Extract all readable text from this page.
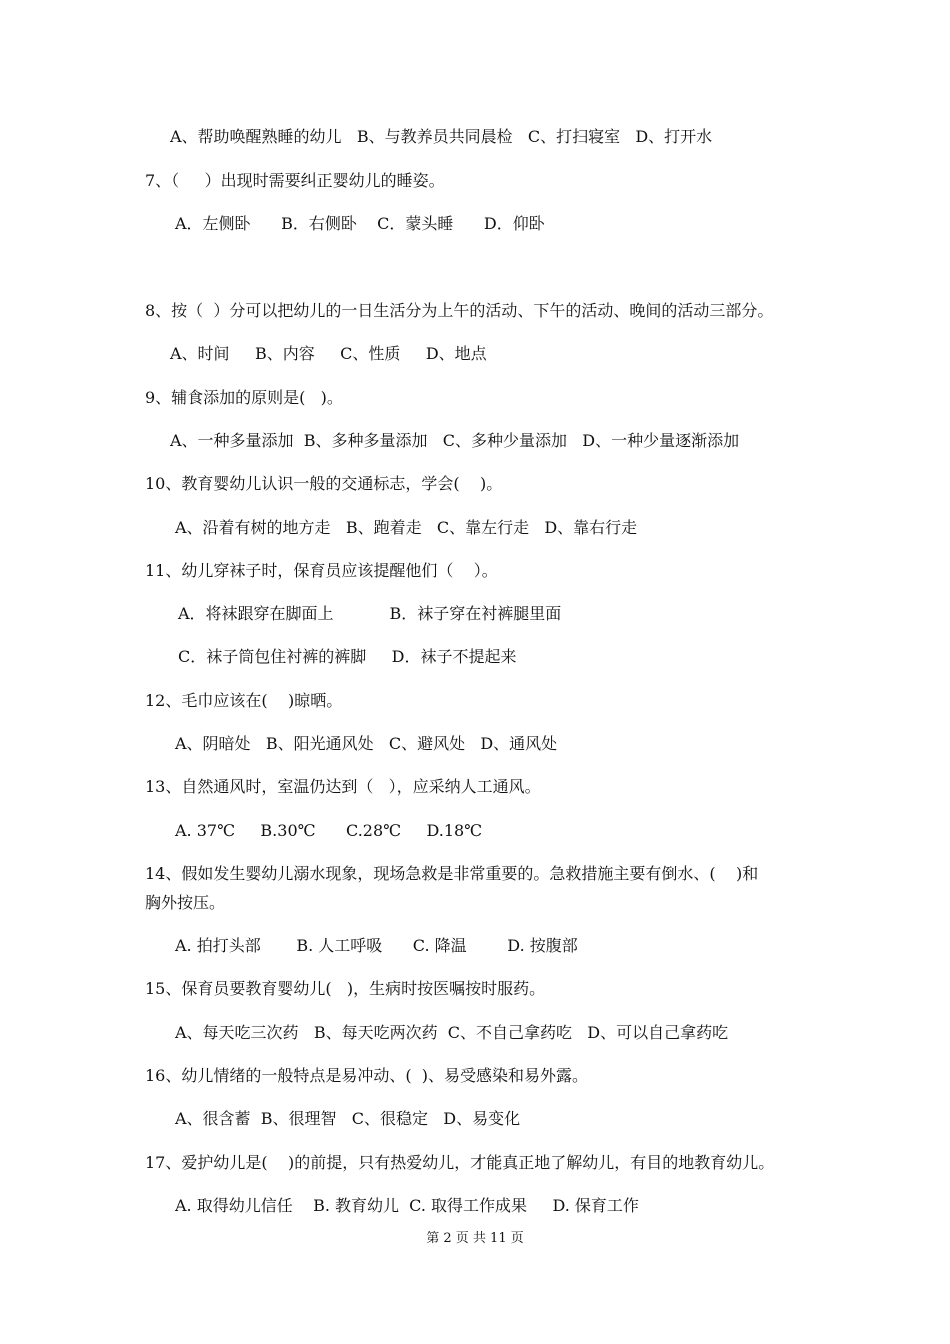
A、帮助唤醒熟睡的幼儿   B、与教养员共同晨检   C、打扫寝室   D、打开水

7、（     ）出现时需要纠正婴幼儿的睡姿。

A．左侧卧      B．右侧卧    C．蒙头睡      D．仰卧

8、按（  ）分可以把幼儿的一日生活分为上午的活动、下午的活动、晚间的活动三部分。

A、时间     B、内容     C、性质     D、地点

9、辅食添加的原则是(   )。

A、一种多量添加  B、多种多量添加   C、多种少量添加   D、一种少量逐渐添加

10、教育婴幼儿认识一般的交通标志，学会(    )。

A、沿着有树的地方走   B、跑着走   C、靠左行走   D、靠右行走

11、幼儿穿袜子时，保育员应该提醒他们（    ）。

A．将袜跟穿在脚面上           B．袜子穿在衬裤腿里面

C．袜子筒包住衬裤的裤脚     D．袜子不提起来

12、毛巾应该在(    )晾晒。

A、阴暗处   B、阳光通风处   C、避风处   D、通风处

13、自然通风时，室温仍达到（   ），应采纳人工通风。

A. 37℃     B.30℃      C.28℃     D.18℃

14、假如发生婴幼儿溺水现象，现场急救是非常重要的。急救措施主要有倒水、(    )和

胸外按压。

A. 拍打头部       B. 人工呼吸      C. 降温        D. 按腹部

15、保育员要教育婴幼儿(   )，生病时按医嘱按时服药。

A、每天吃三次药   B、每天吃两次药  C、不自己拿药吃   D、可以自己拿药吃

16、幼儿情绪的一般特点是易冲动、(  )、易受感染和易外露。

A、很含蓄  B、很理智   C、很稳定   D、易变化

17、爱护幼儿是(    )的前提，只有热爱幼儿，才能真正地了解幼儿，有目的地教育幼儿。

A. 取得幼儿信任    B. 教育幼儿  C. 取得工作成果     D. 保育工作

第 2 页 共 11 页
